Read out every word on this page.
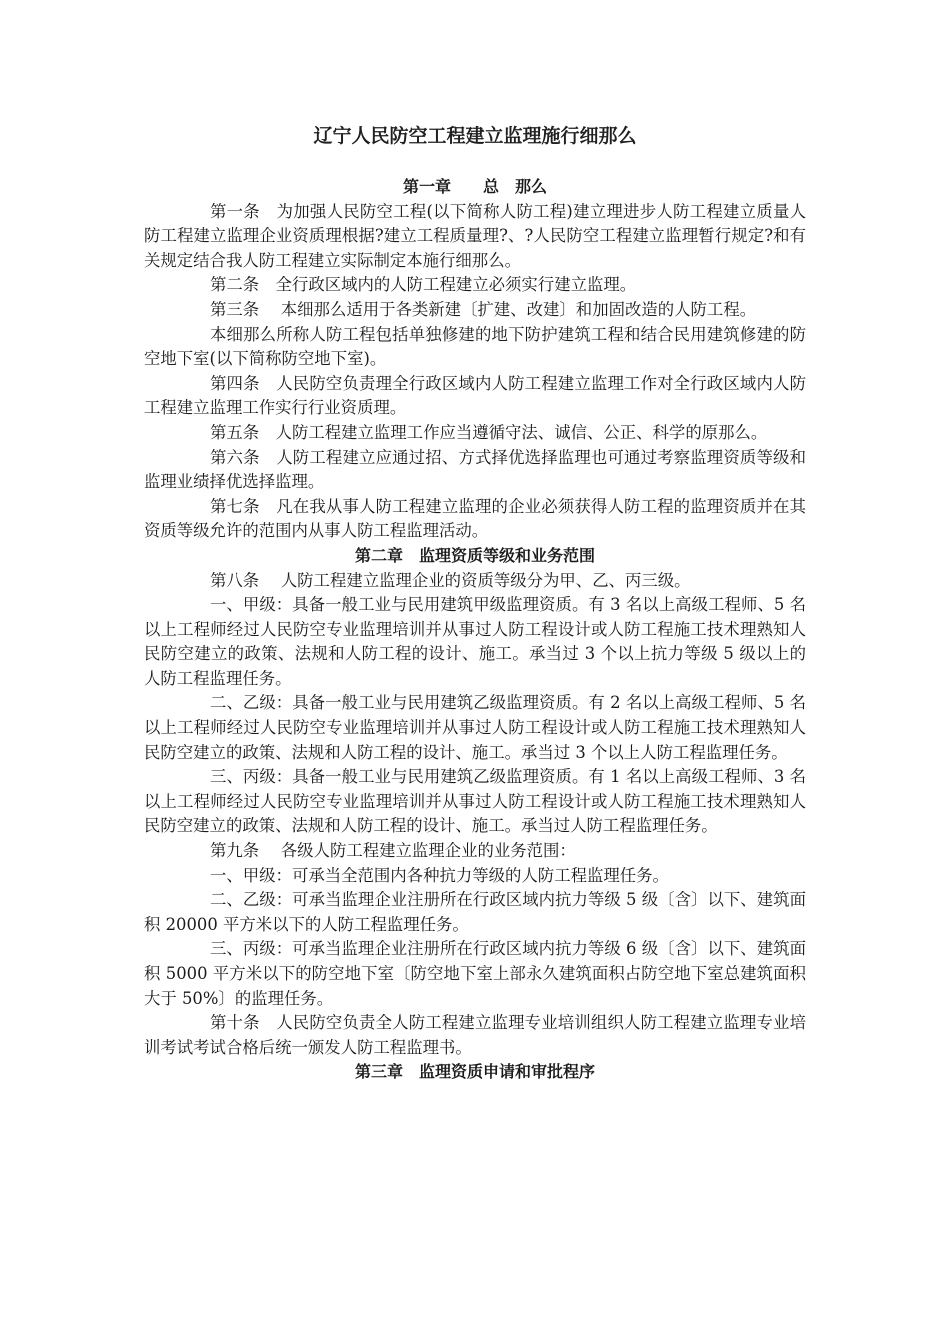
辽宁人民防空工程建立监理施行细那么

第一章　　总　那么

第一条　为加强人民防空工程(以下简称人防工程)建立理进步人防工程建立质量人防工程建立监理企业资质理根据?建立工程质量理?、?人民防空工程建立监理暂行规定?和有关规定结合我人防工程建立实际制定本施行细那么。

第二条　全行政区域内的人防工程建立必须实行建立监理。

第三条　 本细那么适用于各类新建〔扩建、改建〕和加固改造的人防工程。

本细那么所称人防工程包括单独修建的地下防护建筑工程和结合民用建筑修建的防空地下室(以下简称防空地下室)。

第四条　人民防空负责理全行政区域内人防工程建立监理工作对全行政区域内人防工程建立监理工作实行行业资质理。

第五条　人防工程建立监理工作应当遵循守法、诚信、公正、科学的原那么。

第六条　人防工程建立应通过招、方式择优选择监理也可通过考察监理资质等级和监理业绩择优选择监理。

第七条　凡在我从事人防工程建立监理的企业必须获得人防工程的监理资质并在其资质等级允许的范围内从事人防工程监理活动。

第二章　监理资质等级和业务范围

第八条　 人防工程建立监理企业的资质等级分为甲、乙、丙三级。

一、甲级：具备一般工业与民用建筑甲级监理资质。有 3 名以上高级工程师、5 名以上工程师经过人民防空专业监理培训并从事过人防工程设计或人防工程施工技术理熟知人民防空建立的政策、法规和人防工程的设计、施工。承当过 3 个以上抗力等级 5 级以上的人防工程监理任务。

二、乙级：具备一般工业与民用建筑乙级监理资质。有 2 名以上高级工程师、5 名以上工程师经过人民防空专业监理培训并从事过人防工程设计或人防工程施工技术理熟知人民防空建立的政策、法规和人防工程的设计、施工。承当过 3 个以上人防工程监理任务。

三、丙级：具备一般工业与民用建筑乙级监理资质。有 1 名以上高级工程师、3 名以上工程师经过人民防空专业监理培训并从事过人防工程设计或人防工程施工技术理熟知人民防空建立的政策、法规和人防工程的设计、施工。承当过人防工程监理任务。

第九条　 各级人防工程建立监理企业的业务范围：

一、甲级：可承当全范围内各种抗力等级的人防工程监理任务。

二、乙级：可承当监理企业注册所在行政区域内抗力等级 5 级〔含〕以下、建筑面积 20000 平方米以下的人防工程监理任务。

三、丙级：可承当监理企业注册所在行政区域内抗力等级 6 级〔含〕以下、建筑面积 5000 平方米以下的防空地下室〔防空地下室上部永久建筑面积占防空地下室总建筑面积大于 50%〕的监理任务。

第十条　人民防空负责全人防工程建立监理专业培训组织人防工程建立监理专业培训考试考试合格后统一颁发人防工程监理书。

第三章　监理资质申请和审批程序
